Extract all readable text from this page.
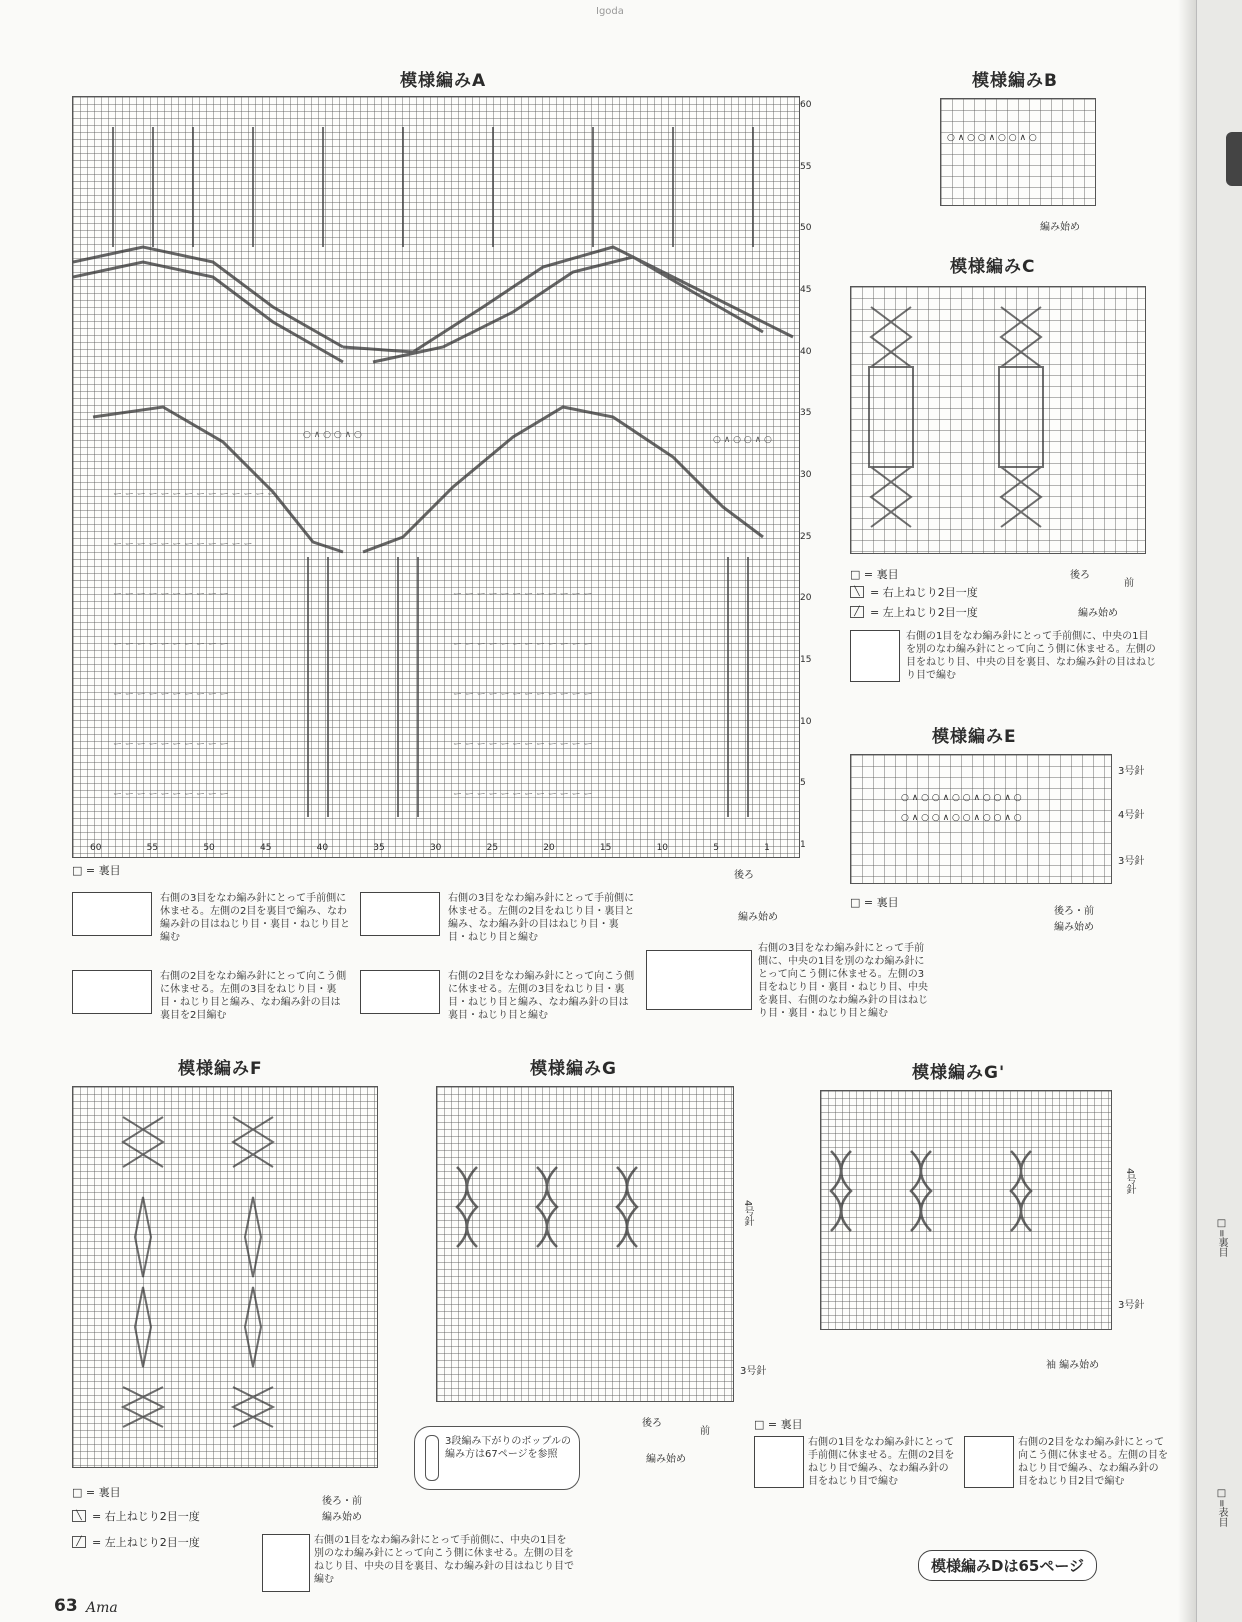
Igoda
□=裏目
□=表目
模様編みA
ー ー ー ー ー ー ー ー ー ー ー ー ー ー
ー ー ー ー ー ー ー ー ー ー ー ー
ー ー ー ー ー ー ー ー ー ー
ー ー ー ー ー ー ー ー ー ー
ー ー ー ー ー ー ー ー ー ー
ー ー ー ー ー ー ー ー ー ー
ー ー ー ー ー ー ー ー ー ー
ー ー ー ー ー ー ー ー ー ー ー ー
ー ー ー ー ー ー ー ー ー ー ー ー
ー ー ー ー ー ー ー ー ー ー ー ー
ー ー ー ー ー ー ー ー ー ー ー ー
ー ー ー ー ー ー ー ー ー ー ー ー
○ ∧ ○ ○ ∧ ○	○ ∧ ○ ○ ∧ ○
60
55
50
45
40
35
30
25
20
15
10
5
1
60	55	50	45	40	35	30	25	20	15	10	5	1
□ = 裏目	後ろ
編み始め
右側の3目をなわ編み針にとって手前側に休ませる。左側の2目を裏目で編み、なわ編み針の目はねじり目・裏目・ねじり目と編む
右側の3目をなわ編み針にとって手前側に休ませる。左側の2目をねじり目・裏目と編み、なわ編み針の目はねじり目・裏目・ねじり目と編む
右側の2目をなわ編み針にとって向こう側に休ませる。左側の3目をねじり目・裏目・ねじり目と編み、なわ編み針の目は裏目を2目編む
右側の2目をなわ編み針にとって向こう側に休ませる。左側の3目をねじり目・裏目・ねじり目と編み、なわ編み針の目は裏目・ねじり目と編む
右側の3目をなわ編み針にとって手前側に、中央の1目を別のなわ編み針にとって向こう側に休ませる。左側の3目をねじり目・裏目・ねじり目、中央を裏目、右側のなわ編み針の目はねじり目・裏目・ねじり目と編む
模様編みB
○ ∧ ○ ○ ∧ ○ ○ ∧ ○
編み始め
模様編みC
後ろ
前
編み始め
□ = 裏目
╲ = 右上ねじり2目一度
╱ = 左上ねじり2目一度
右側の1目をなわ編み針にとって手前側に、中央の1目を別のなわ編み針にとって向こう側に休ませる。左側の目をねじり目、中央の目を裏目、なわ編み針の目はねじり目で編む
模様編みE
○ ∧ ○ ○ ∧ ○ ○ ∧ ○ ○ ∧ ○
○ ∧ ○ ○ ∧ ○ ○ ∧ ○ ○ ∧ ○
3号針
4号針
3号針
□ = 裏目
後ろ・前
編み始め
模様編みF
□ = 裏目
後ろ・前
編み始め
╲ = 右上ねじり2目一度
╱ = 左上ねじり2目一度	右側の1目をなわ編み針にとって手前側に、中央の1目を別のなわ編み針にとって向こう側に休ませる。左側の目をねじり目、中央の目を裏目、なわ編み針の目はねじり目で編む
模様編みG
4号針
3号針
後ろ
前
編み始め
3段編み下がりのボッブルの編み方は67ページを参照
模様編みG'
4号針
3号針
袖 編み始め
□ = 裏目
右側の1目をなわ編み針にとって手前側に休ませる。左側の2目をねじり目で編み、なわ編み針の目をねじり目で編む
右側の2目をなわ編み針にとって向こう側に休ませる。左側の目をねじり目で編み、なわ編み針の目をねじり目2目で編む
63 Ama
模様編みDは65ページ
